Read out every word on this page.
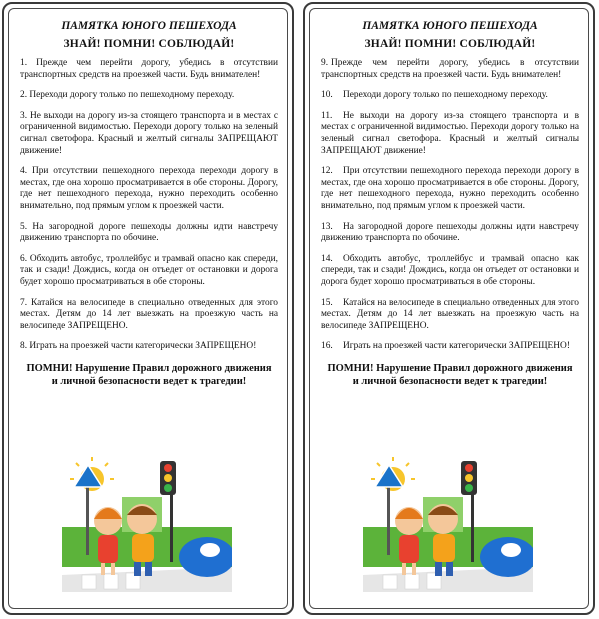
ПАМЯТКА ЮНОГО ПЕШЕХОДА

ЗНАЙ! ПОМНИ! СОБЛЮДАЙ!

1. Прежде чем перейти дорогу, убедись в отсутствии транспортных средств на проезжей части. Будь внимателен!
2. Переходи дорогу только по пешеходному переходу.
3. Не выходи на дорогу из-за стоящего транспорта и в местах с ограниченной видимостью. Переходи дорогу только на зеленый сигнал светофора. Красный и желтый сигналы ЗАПРЕЩАЮТ движение!
4. При отсутствии пешеходного перехода переходи дорогу в местах, где она хорошо просматривается в обе стороны. Дорогу, где нет пешеходного перехода, нужно переходить особенно внимательно, под прямым углом к проезжей части.
5. На загородной дороге пешеходы должны идти навстречу движению транспорта по обочине.
6. Обходить автобус, троллейбус и трамвай опасно как спереди, так и сзади! Дождись, когда он отъедет от остановки и дорога будет хорошо просматриваться в обе стороны.
7. Катайся на велосипеде в специально отведенных для этого местах. Детям до 14 лет выезжать на проезжую часть на велосипеде ЗАПРЕЩЕНО.
8. Играть на проезжей части категорически ЗАПРЕЩЕНО!
ПОМНИ! Нарушение Правил дорожного движения
и личной безопасности ведет к трагедии!

ПАМЯТКА ЮНОГО ПЕШЕХОДА

ЗНАЙ! ПОМНИ! СОБЛЮДАЙ!

9. Прежде чем перейти дорогу, убедись в отсутствии транспортных средств на проезжей части. Будь внимателен!
10. Переходи дорогу только по пешеходному переходу.
11. Не выходи на дорогу из-за стоящего транспорта и в местах с ограниченной видимостью. Переходи дорогу только на зеленый сигнал светофора. Красный и желтый сигналы ЗАПРЕЩАЮТ движение!
12. При отсутствии пешеходного перехода переходи дорогу в местах, где она хорошо просматривается в обе стороны. Дорогу, где нет пешеходного перехода, нужно переходить особенно внимательно, под прямым углом к проезжей части.
13. На загородной дороге пешеходы должны идти навстречу движению транспорта по обочине.
14. Обходить автобус, троллейбус и трамвай опасно как спереди, так и сзади! Дождись, когда он отъедет от остановки и дорога будет хорошо просматриваться в обе стороны.
15. Катайся на велосипеде в специально отведенных для этого местах. Детям до 14 лет выезжать на проезжую часть на велосипеде ЗАПРЕЩЕНО.
16. Играть на проезжей части категорически ЗАПРЕЩЕНО!
ПОМНИ! Нарушение Правил дорожного движения
и личной безопасности ведет к трагедии!
